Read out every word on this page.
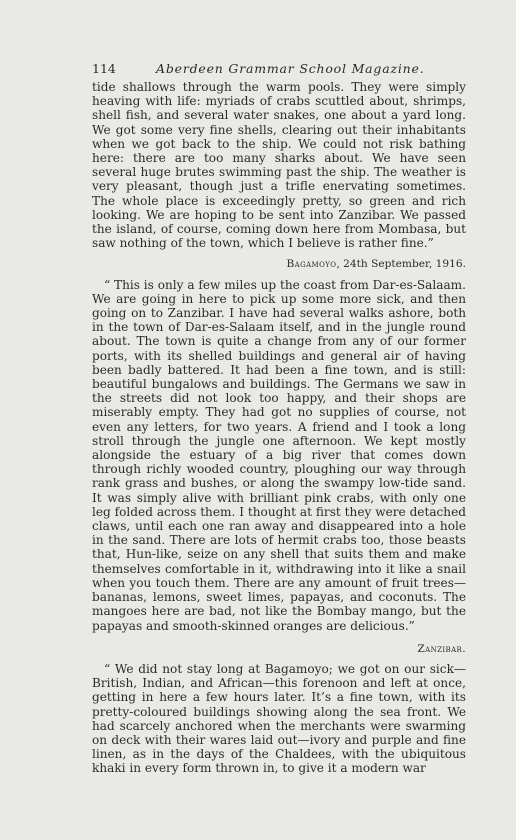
114	Aberdeen Grammar School Magazine.

tide shallows through the warm pools. They were simply heaving with life: myriads of crabs scuttled about, shrimps, shell fish, and several water snakes, one about a yard long. We got some very fine shells, clearing out their inhabitants when we got back to the ship. We could not risk bathing here: there are too many sharks about. We have seen several huge brutes swimming past the ship. The weather is very pleasant, though just a trifle enervating sometimes. The whole place is exceedingly pretty, so green and rich looking. We are hoping to be sent into Zanzibar. We passed the island, of course, coming down here from Mombasa, but saw nothing of the town, which I believe is rather fine.”

Bagamoyo, 24th September, 1916.

“ This is only a few miles up the coast from Dar-es-Salaam. We are going in here to pick up some more sick, and then going on to Zanzibar. I have had several walks ashore, both in the town of Dar-es-Salaam itself, and in the jungle round about. The town is quite a change from any of our former ports, with its shelled buildings and general air of having been badly battered. It had been a fine town, and is still: beautiful bungalows and buildings. The Germans we saw in the streets did not look too happy, and their shops are miserably empty. They had got no supplies of course, not even any letters, for two years. A friend and I took a long stroll through the jungle one afternoon. We kept mostly alongside the estuary of a big river that comes down through richly wooded country, ploughing our way through rank grass and bushes, or along the swampy low-tide sand. It was simply alive with brilliant pink crabs, with only one leg folded across them. I thought at first they were detached claws, until each one ran away and disappeared into a hole in the sand. There are lots of hermit crabs too, those beasts that, Hun-like, seize on any shell that suits them and make themselves comfortable in it, withdrawing into it like a snail when you touch them. There are any amount of fruit trees—bananas, lemons, sweet limes, papayas, and coconuts. The mangoes here are bad, not like the Bombay mango, but the papayas and smooth-skinned oranges are delicious.”

Zanzibar.

“ We did not stay long at Bagamoyo; we got on our sick—British, Indian, and African—this forenoon and left at once, getting in here a few hours later. It’s a fine town, with its pretty-coloured buildings showing along the sea front. We had scarcely anchored when the merchants were swarming on deck with their wares laid out—ivory and purple and fine linen, as in the days of the Chaldees, with the ubiquitous khaki in every form thrown in, to give it a modern war
